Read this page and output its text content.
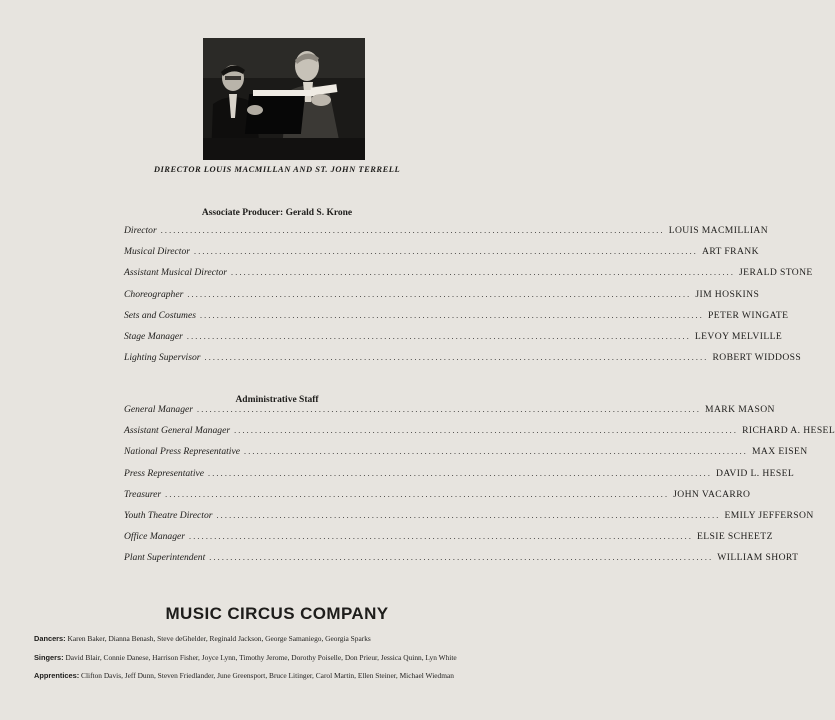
DIRECTOR LOUIS MACMILLAN AND ST. JOHN TERRELL
Associate Producer: Gerald S. Krone
Director ........................................................................................................................ LOUIS MACMILLIAN
Musical Director ........................................................................................................................ ART FRANK
Assistant Musical Director ........................................................................................................................ JERALD STONE
Choreographer ........................................................................................................................ JIM HOSKINS
Sets and Costumes ........................................................................................................................ PETER WINGATE
Stage Manager ........................................................................................................................ LEVOY MELVILLE
Lighting Supervisor ........................................................................................................................ ROBERT WIDDOSS
Administrative Staff
General Manager ........................................................................................................................ MARK MASON
Assistant General Manager ........................................................................................................................ RICHARD A. HESEL
National Press Representative ........................................................................................................................ MAX EISEN
Press Representative ........................................................................................................................ DAVID L. HESEL
Treasurer ........................................................................................................................ JOHN VACARRO
Youth Theatre Director ........................................................................................................................ EMILY JEFFERSON
Office Manager ........................................................................................................................ ELSIE SCHEETZ
Plant Superintendent ........................................................................................................................ WILLIAM SHORT
MUSIC CIRCUS COMPANY
Dancers: Karen Baker, Dianna Benash, Steve deGhelder, Reginald Jackson, George Samaniego, Georgia Sparks
Singers: David Blair, Connie Danese, Harrison Fisher, Joyce Lynn, Timothy Jerome, Dorothy Poiselle, Don Prieur, Jessica Quinn, Lyn White
Apprentices: Clifton Davis, Jeff Dunn, Steven Friedlander, June Greensport, Bruce Litinger, Carol Martin, Ellen Steiner, Michael Wiedman
